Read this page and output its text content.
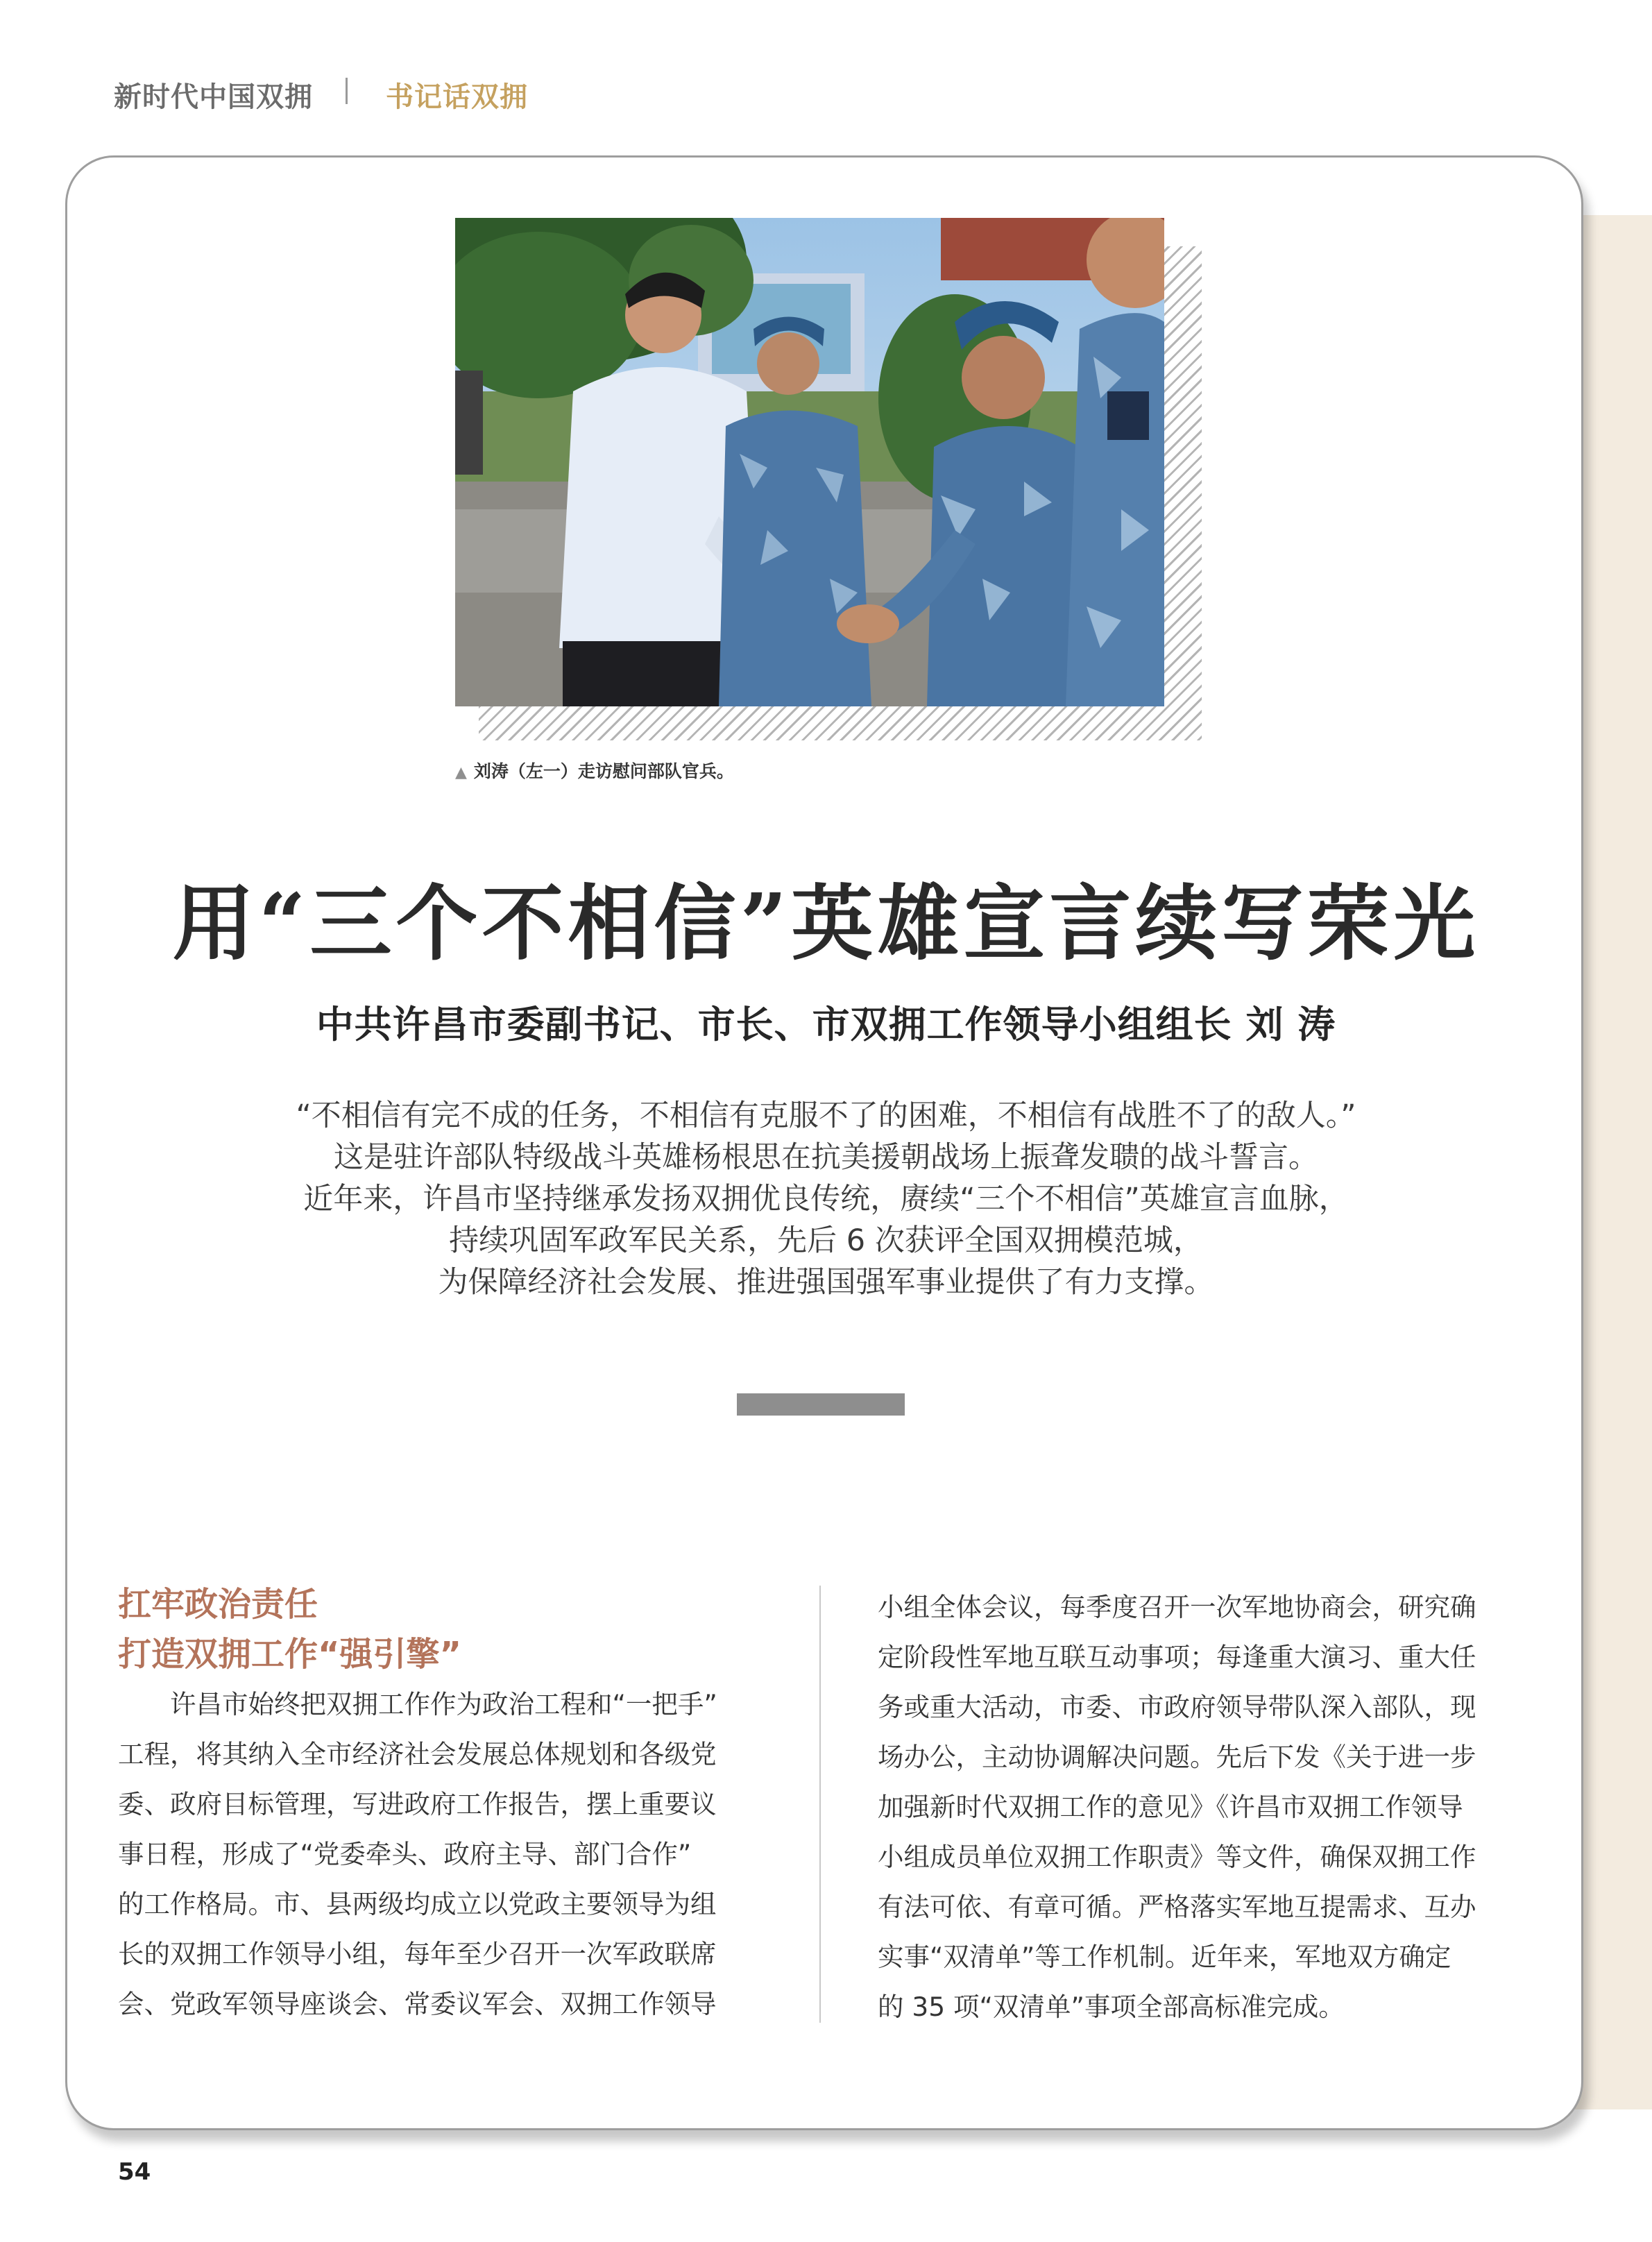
新时代中国双拥	书记话双拥
▲ 刘涛（左一）走访慰问部队官兵。
用“三个不相信”英雄宣言续写荣光
中共许昌市委副书记、市长、市双拥工作领导小组组长 刘 涛
“不相信有完不成的任务，不相信有克服不了的困难，不相信有战胜不了的敌人。”
这是驻许部队特级战斗英雄杨根思在抗美援朝战场上振聋发聩的战斗誓言。
近年来，许昌市坚持继承发扬双拥优良传统，赓续“三个不相信”英雄宣言血脉，
持续巩固军政军民关系，先后 6 次获评全国双拥模范城，
为保障经济社会发展、推进强国强军事业提供了有力支撑。
扛牢政治责任
打造双拥工作“强引擎”
　　许昌市始终把双拥工作作为政治工程和“一把手”
工程，将其纳入全市经济社会发展总体规划和各级党
委、政府目标管理，写进政府工作报告，摆上重要议
事日程，形成了“党委牵头、政府主导、部门合作”
的工作格局。市、县两级均成立以党政主要领导为组
长的双拥工作领导小组，每年至少召开一次军政联席
会、党政军领导座谈会、常委议军会、双拥工作领导
小组全体会议，每季度召开一次军地协商会，研究确
定阶段性军地互联互动事项；每逢重大演习、重大任
务或重大活动，市委、市政府领导带队深入部队，现
场办公，主动协调解决问题。先后下发《关于进一步
加强新时代双拥工作的意见》《许昌市双拥工作领导
小组成员单位双拥工作职责》等文件，确保双拥工作
有法可依、有章可循。严格落实军地互提需求、互办
实事“双清单”等工作机制。近年来，军地双方确定
的 35 项“双清单”事项全部高标准完成。
54
